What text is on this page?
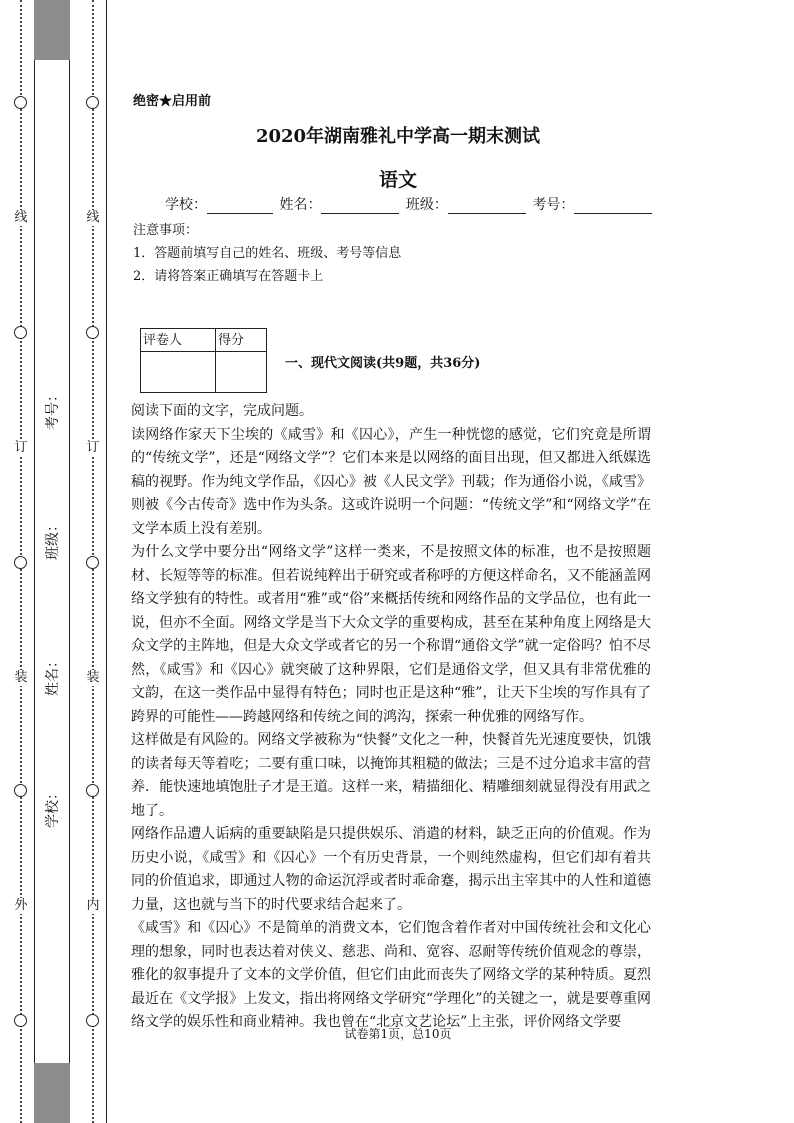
线
订
装
外
线
订
装
内
考号：
班级：
姓名：
学校：
绝密★启用前
2020年湖南雅礼中学高一期末测试
语文
学校：	姓名：	班级：	考号：
注意事项：
1．答题前填写自己的姓名、班级、考号等信息
2．请将答案正确填写在答题卡上
评卷人	得分

一、现代文阅读(共9题，共36分)

阅读下面的文字，完成问题。

读网络作家天下尘埃的《咸雪》和《囚心》，产生一种恍惚的感觉，它们究竟是所谓的“传统文学”，还是“网络文学”？它们本来是以网络的面目出现，但又都进入纸媒选稿的视野。作为纯文学作品，《囚心》被《人民文学》刊载；作为通俗小说，《咸雪》则被《今古传奇》选中作为头条。这或许说明一个问题：“传统文学”和“网络文学”在文学本质上没有差别。

为什么文学中要分出“网络文学”这样一类来，不是按照文体的标准，也不是按照题材、长短等等的标准。但若说纯粹出于研究或者称呼的方便这样命名，又不能涵盖网络文学独有的特性。或者用“雅”或“俗”来概括传统和网络作品的文学品位，也有此一说，但亦不全面。网络文学是当下大众文学的重要构成，甚至在某种角度上网络是大众文学的主阵地，但是大众文学或者它的另一个称谓“通俗文学”就一定俗吗？怕不尽然，《咸雪》和《囚心》就突破了这种界限，它们是通俗文学，但又具有非常优雅的文韵，在这一类作品中显得有特色；同时也正是这种“雅”，让天下尘埃的写作具有了跨界的可能性——跨越网络和传统之间的鸿沟，探索一种优雅的网络写作。

这样做是有风险的。网络文学被称为“快餐”文化之一种，快餐首先光速度要快，饥饿的读者每天等着吃；二要有重口味，以掩饰其粗糙的做法；三是不过分追求丰富的营养．能快速地填饱肚子才是王道。这样一来，精描细化、精雕细刻就显得没有用武之地了。

网络作品遭人诟病的重要缺陷是只提供娱乐、消遣的材料，缺乏正向的价值观。作为历史小说，《咸雪》和《囚心》一个有历史背景，一个则纯然虚构，但它们却有着共同的价值追求，即通过人物的命运沉浮或者时乖命蹇，揭示出主宰其中的人性和道德力量，这也就与当下的时代要求结合起来了。

《咸雪》和《囚心》不是简单的消费文本，它们饱含着作者对中国传统社会和文化心理的想象，同时也表达着对侠义、慈悲、尚和、宽容、忍耐等传统价值观念的尊崇，雅化的叙事提升了文本的文学价值，但它们由此而丧失了网络文学的某种特质。夏烈最近在《文学报》上发文，指出将网络文学研究“学理化”的关键之一，就是要尊重网络文学的娱乐性和商业精神。我也曾在“北京文艺论坛”上主张，评价网络文学要

试卷第1页，总10页
